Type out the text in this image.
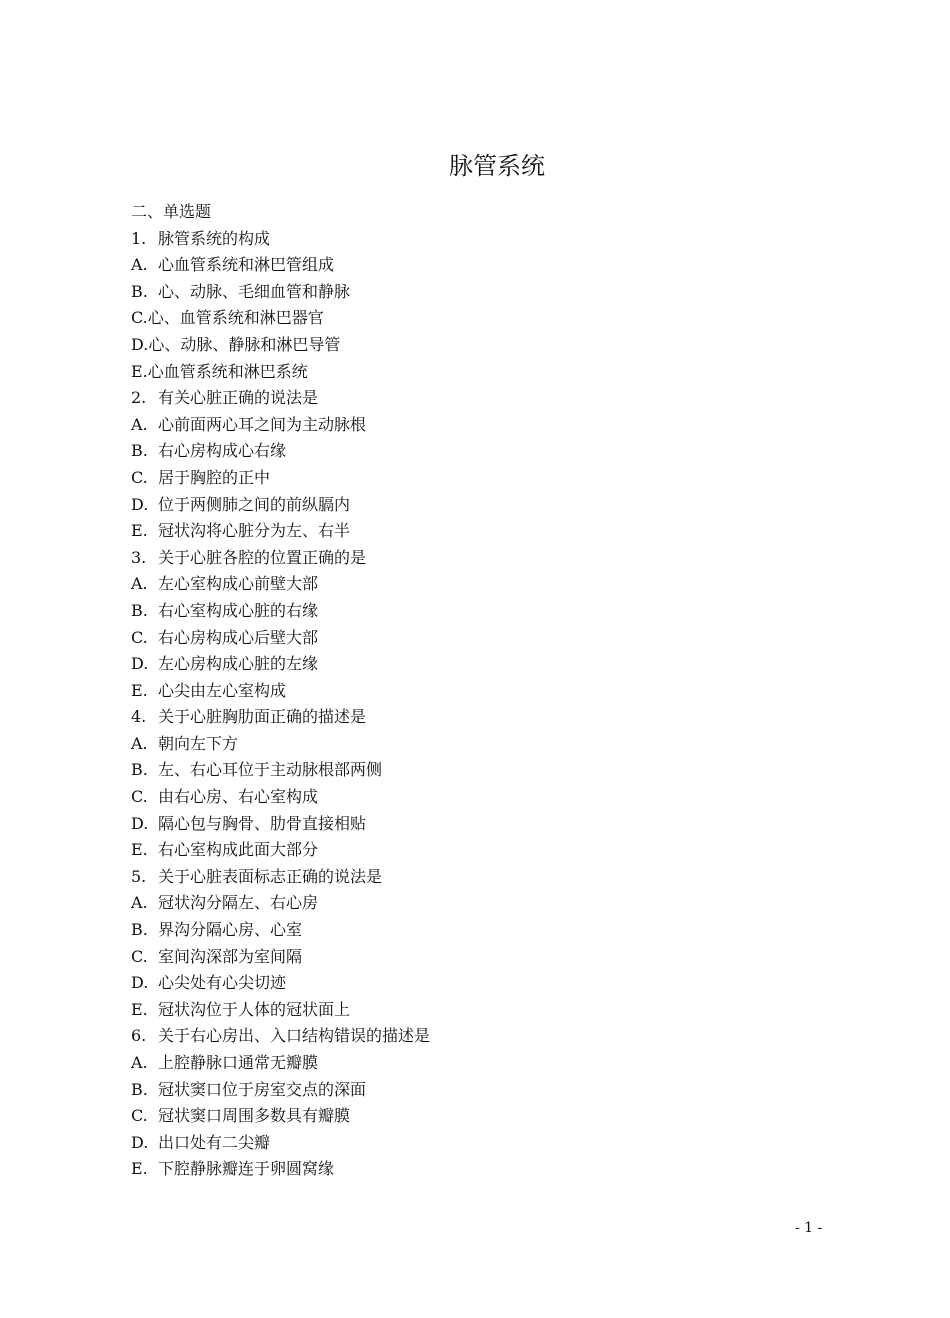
脉管系统
二、单选题
1. 脉管系统的构成
A. 心血管系统和淋巴管组成
B. 心、动脉、毛细血管和静脉
C.心、血管系统和淋巴器官
D.心、动脉、静脉和淋巴导管
E.心血管系统和淋巴系统
2. 有关心脏正确的说法是
A. 心前面两心耳之间为主动脉根
B. 右心房构成心右缘
C. 居于胸腔的正中
D. 位于两侧肺之间的前纵膈内
E. 冠状沟将心脏分为左、右半
3. 关于心脏各腔的位置正确的是
A. 左心室构成心前壁大部
B. 右心室构成心脏的右缘
C. 右心房构成心后壁大部
D. 左心房构成心脏的左缘
E. 心尖由左心室构成
4. 关于心脏胸肋面正确的描述是
A. 朝向左下方
B. 左、右心耳位于主动脉根部两侧
C. 由右心房、右心室构成
D. 隔心包与胸骨、肋骨直接相贴
E. 右心室构成此面大部分
5. 关于心脏表面标志正确的说法是
A. 冠状沟分隔左、右心房
B. 界沟分隔心房、心室
C. 室间沟深部为室间隔
D. 心尖处有心尖切迹
E. 冠状沟位于人体的冠状面上
6. 关于右心房出、入口结构错误的描述是
A. 上腔静脉口通常无瓣膜
B. 冠状窦口位于房室交点的深面
C. 冠状窦口周围多数具有瓣膜
D. 出口处有二尖瓣
E. 下腔静脉瓣连于卵圆窝缘
- 1 -
